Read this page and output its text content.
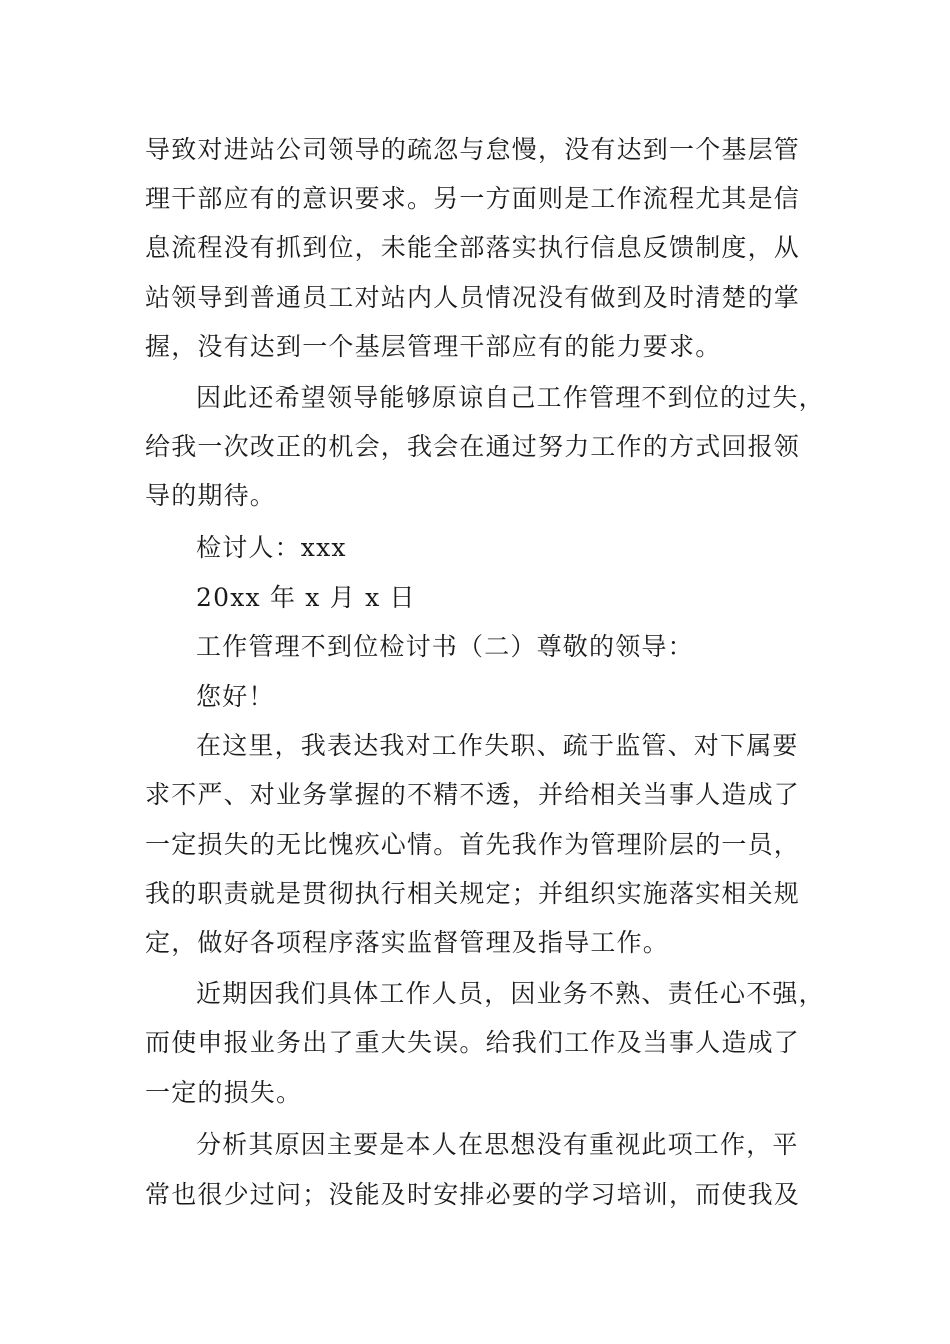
导致对进站公司领导的疏忽与怠慢，没有达到一个基层管

理干部应有的意识要求。另一方面则是工作流程尤其是信

息流程没有抓到位，未能全部落实执行信息反馈制度，从

站领导到普通员工对站内人员情况没有做到及时清楚的掌

握，没有达到一个基层管理干部应有的能力要求。

因此还希望领导能够原谅自己工作管理不到位的过失，

给我一次改正的机会，我会在通过努力工作的方式回报领

导的期待。

检讨人：xxx

20xx 年 x 月 x 日

工作管理不到位检讨书（二）尊敬的领导：

您好！

在这里，我表达我对工作失职、疏于监管、对下属要

求不严、对业务掌握的不精不透，并给相关当事人造成了

一定损失的无比愧疚心情。首先我作为管理阶层的一员，

我的职责就是贯彻执行相关规定；并组织实施落实相关规

定，做好各项程序落实监督管理及指导工作。

近期因我们具体工作人员，因业务不熟、责任心不强，

而使申报业务出了重大失误。给我们工作及当事人造成了

一定的损失。

分析其原因主要是本人在思想没有重视此项工作，平

常也很少过问；没能及时安排必要的学习培训，而使我及
